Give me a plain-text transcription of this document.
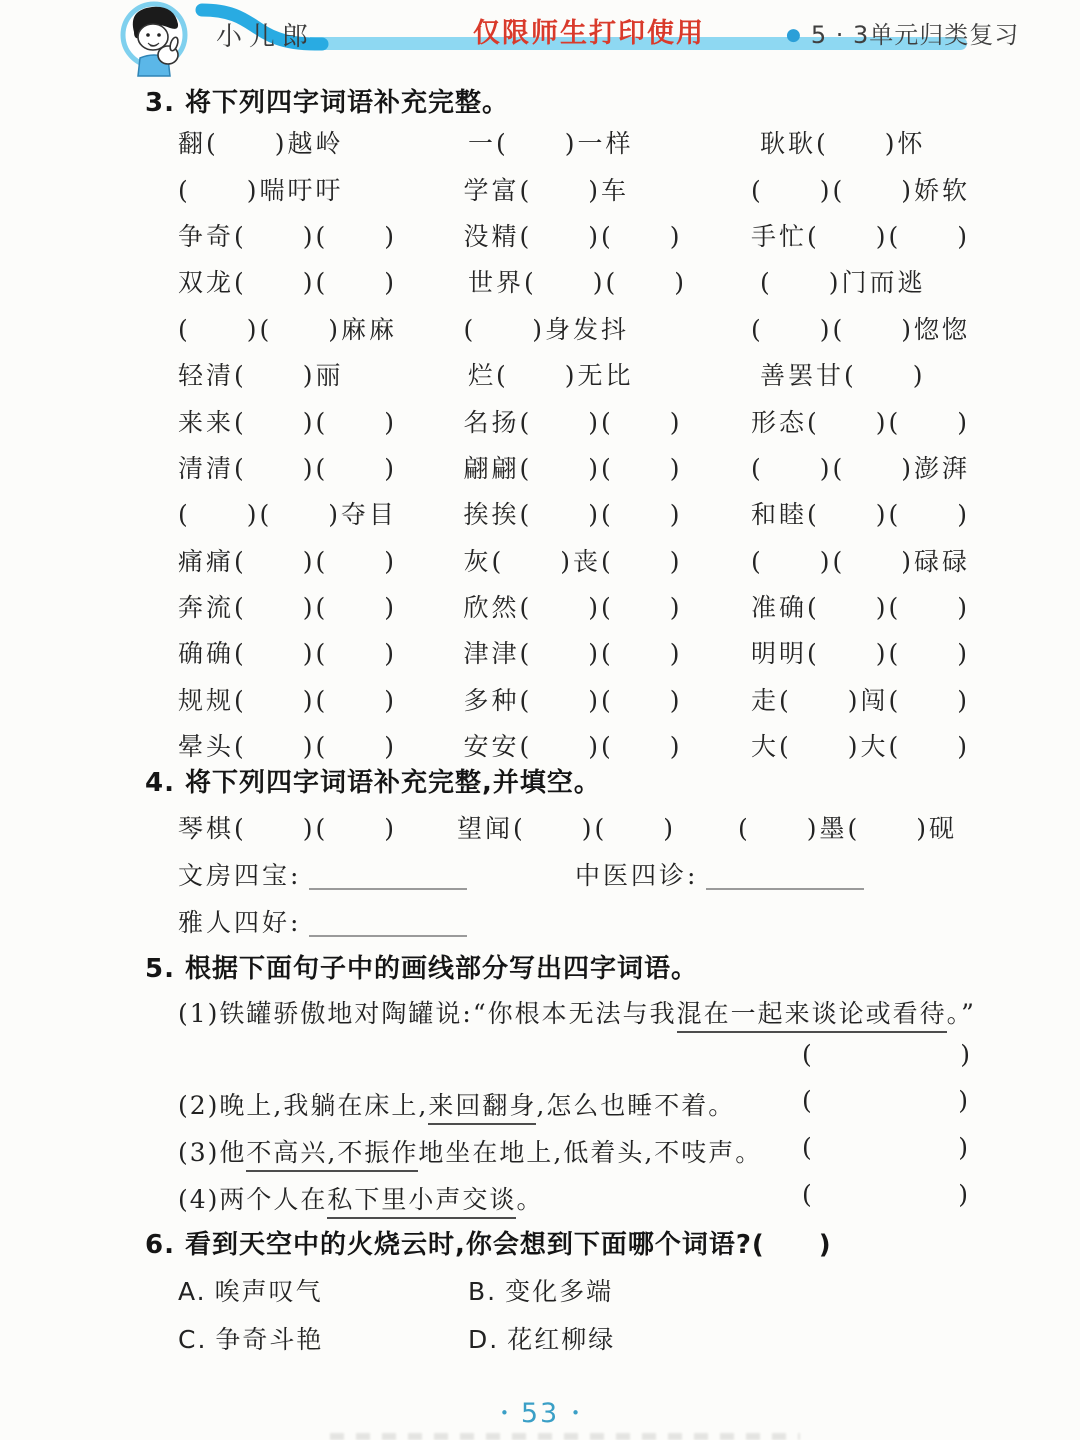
小儿郎	仅限师生打印使用	● 5 · 3单元归类复习
3. 将下列四字词语补充完整。
翻(　　)越岭	一(　　)一样	耿耿(　　)怀
(　　)喘吁吁	学富(　　)车	(　　)(　　)娇软
争奇(　　)(　　)	没精(　　)(　　)	手忙(　　)(　　)
双龙(　　)(　　)	世界(　　)(　　)	(　　)门而逃
(　　)(　　)麻麻	(　　)身发抖	(　　)(　　)惚惚
轻清(　　)丽	烂(　　)无比	善罢甘(　　)
来来(　　)(　　)	名扬(　　)(　　)	形态(　　)(　　)
清清(　　)(　　)	翩翩(　　)(　　)	(　　)(　　)澎湃
(　　)(　　)夺目	挨挨(　　)(　　)	和睦(　　)(　　)
痛痛(　　)(　　)	灰(　　)丧(　　)	(　　)(　　)碌碌
奔流(　　)(　　)	欣然(　　)(　　)	准确(　　)(　　)
确确(　　)(　　)	津津(　　)(　　)	明明(　　)(　　)
规规(　　)(　　)	多种(　　)(　　)	走(　　)闯(　　)
晕头(　　)(　　)	安安(　　)(　　)	大(　　)大(　　)
4. 将下列四字词语补充完整,并填空。
琴棋(　　)(　　)	望闻(　　)(　　)	(　　)墨(　　)砚
文房四宝:	中医四诊:
雅人四好:
5. 根据下面句子中的画线部分写出四字词语。
(1)铁罐骄傲地对陶罐说:“你根本无法与我混在一起来谈论或看待。”
(	)
(2)晚上,我躺在床上,来回翻身,怎么也睡不着。	(	)
(3)他不高兴,不振作地坐在地上,低着头,不吱声。 (	)
(4)两个人在私下里小声交谈。	(	)
6. 看到天空中的火烧云时,你会想到下面哪个词语?(　　)
A. 唉声叹气	B. 变化多端
C. 争奇斗艳	D. 花红柳绿
• 53 •
